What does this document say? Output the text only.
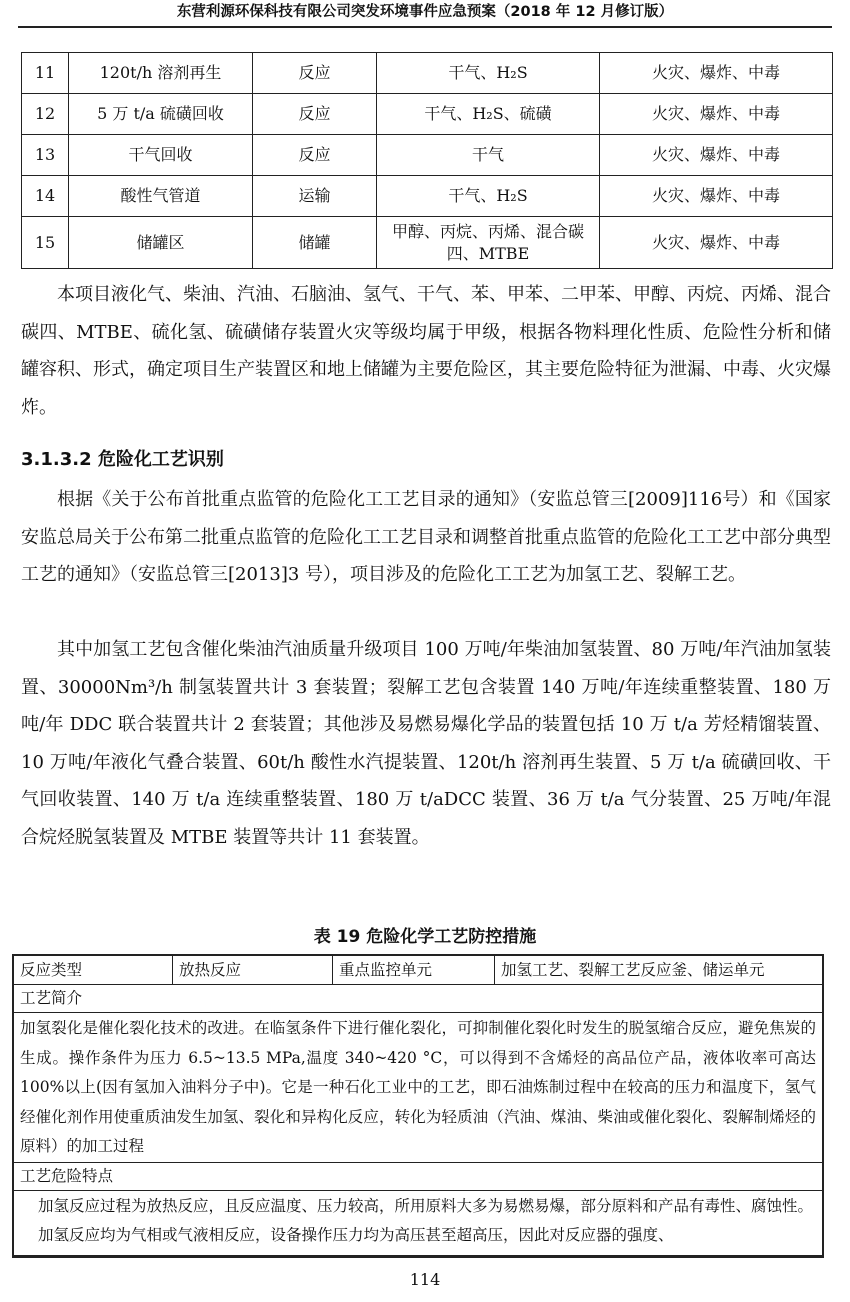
东营利源环保科技有限公司突发环境事件应急预案（2018 年 12 月修订版）
11	120t/h 溶剂再生	反应	干气、H₂S	火灾、爆炸、中毒
12	5 万 t/a 硫磺回收	反应	干气、H₂S、硫磺	火灾、爆炸、中毒
13	干气回收	反应	干气	火灾、爆炸、中毒
14	酸性气管道	运输	干气、H₂S	火灾、爆炸、中毒
15	储罐区	储罐	甲醇、丙烷、丙烯、混合碳四、MTBE	火灾、爆炸、中毒

本项目液化气、柴油、汽油、石脑油、氢气、干气、苯、甲苯、二甲苯、甲醇、丙烷、丙烯、混合碳四、MTBE、硫化氢、硫磺储存装置火灾等级均属于甲级，根据各物料理化性质、危险性分析和储罐容积、形式，确定项目生产装置区和地上储罐为主要危险区，其主要危险特征为泄漏、中毒、火灾爆炸。

3.1.3.2 危险化工艺识别

根据《关于公布首批重点监管的危险化工工艺目录的通知》（安监总管三[2009]116号）和《国家安监总局关于公布第二批重点监管的危险化工工艺目录和调整首批重点监管的危险化工工艺中部分典型工艺的通知》（安监总管三[2013]3 号），项目涉及的危险化工工艺为加氢工艺、裂解工艺。

其中加氢工艺包含催化柴油汽油质量升级项目 100 万吨/年柴油加氢装置、80 万吨/年汽油加氢装置、30000Nm³/h 制氢装置共计 3 套装置；裂解工艺包含装置 140 万吨/年连续重整装置、180 万吨/年 DDC 联合装置共计 2 套装置；其他涉及易燃易爆化学品的装置包括 10 万 t/a 芳烃精馏装置、10 万吨/年液化气叠合装置、60t/h 酸性水汽提装置、120t/h 溶剂再生装置、5 万 t/a 硫磺回收、干气回收装置、140 万 t/a 连续重整装置、180 万 t/aDCC 装置、36 万 t/a 气分装置、25 万吨/年混合烷烃脱氢装置及 MTBE 装置等共计 11 套装置。

表 19 危险化学工艺防控措施
反应类型	放热反应	重点监控单元	加氢工艺、裂解工艺反应釜、储运单元
工艺简介
加氢裂化是催化裂化技术的改进。在临氢条件下进行催化裂化，可抑制催化裂化时发生的脱氢缩合反应，避免焦炭的生成。操作条件为压力 6.5~13.5 MPa,温度 340~420 °C，可以得到不含烯烃的高品位产品，液体收率可高达 100%以上(因有氢加入油料分子中)。它是一种石化工业中的工艺，即石油炼制过程中在较高的压力和温度下，氢气经催化剂作用使重质油发生加氢、裂化和异构化反应，转化为轻质油（汽油、煤油、柴油或催化裂化、裂解制烯烃的原料）的加工过程
工艺危险特点

加氢反应过程为放热反应，且反应温度、压力较高，所用原料大多为易燃易爆，部分原料和产品有毒性、腐蚀性。

加氢反应均为气相或气液相反应，设备操作压力均为高压甚至超高压，因此对反应器的强度、

114
